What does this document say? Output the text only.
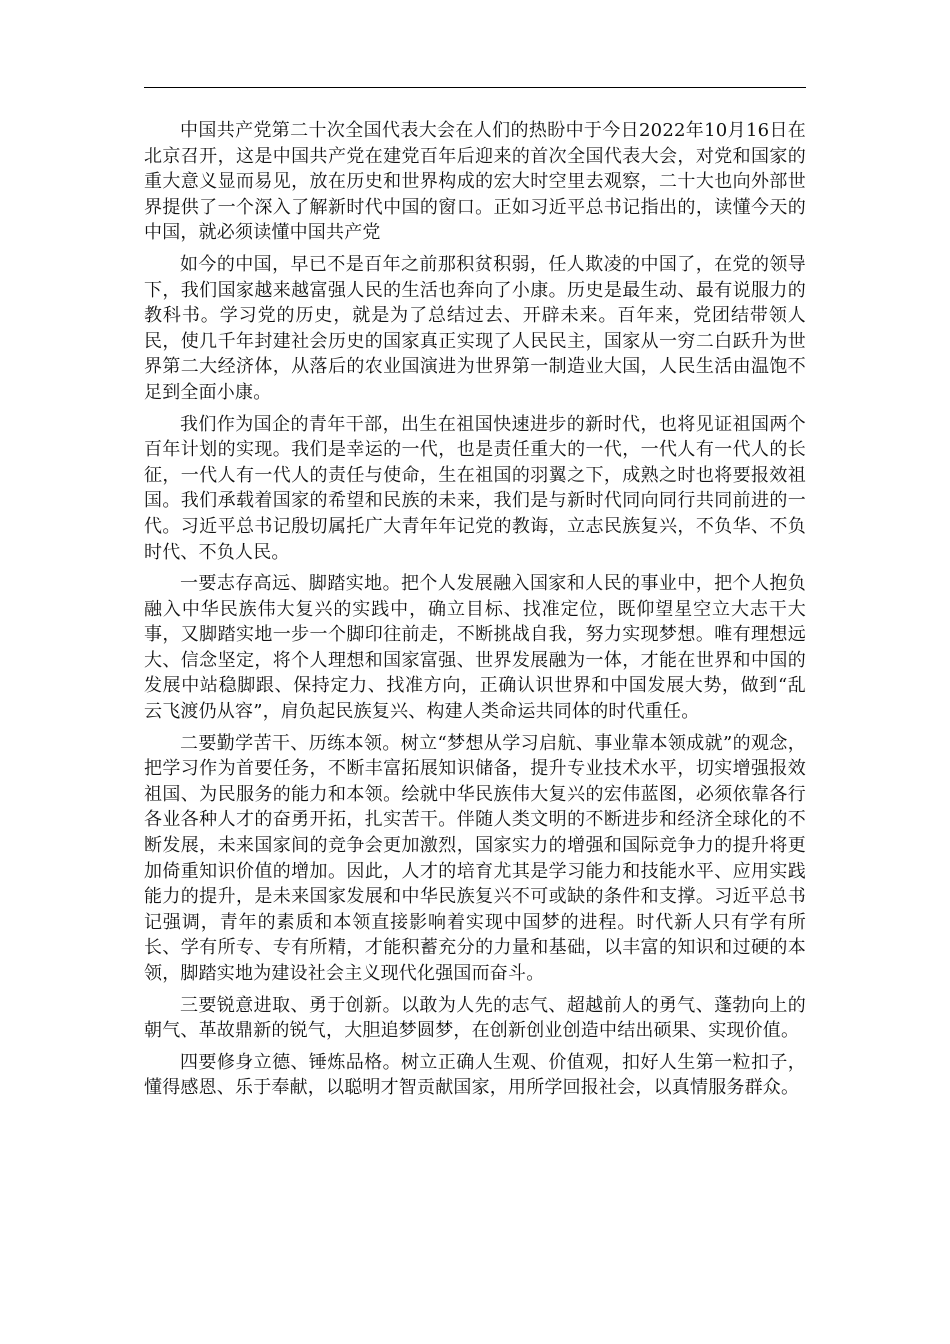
中国共产党第二十次全国代表大会在人们的热盼中于今日2022年10月16日在北京召开，这是中国共产党在建党百年后迎来的首次全国代表大会，对党和国家的重大意义显而易见，放在历史和世界构成的宏大时空里去观察，二十大也向外部世界提供了一个深入了解新时代中国的窗口。正如习近平总书记指出的，读懂今天的中国，就必须读懂中国共产党

如今的中国，早已不是百年之前那积贫积弱，任人欺凌的中国了，在党的领导下，我们国家越来越富强人民的生活也奔向了小康。历史是最生动、最有说服力的教科书。学习党的历史，就是为了总结过去、开辟未来。百年来，党团结带领人民，使几千年封建社会历史的国家真正实现了人民民主，国家从一穷二白跃升为世界第二大经济体，从落后的农业国演进为世界第一制造业大国，人民生活由温饱不足到全面小康。

我们作为国企的青年干部，出生在祖国快速进步的新时代，也将见证祖国两个百年计划的实现。我们是幸运的一代，也是责任重大的一代，一代人有一代人的长征，一代人有一代人的责任与使命，生在祖国的羽翼之下，成熟之时也将要报效祖国。我们承载着国家的希望和民族的未来，我们是与新时代同向同行共同前进的一代。习近平总书记殷切属托广大青年年记党的教诲，立志民族复兴，不负华、不负时代、不负人民。

一要志存高远、脚踏实地。把个人发展融入国家和人民的事业中，把个人抱负融入中华民族伟大复兴的实践中，确立目标、找准定位，既仰望星空立大志干大事，又脚踏实地一步一个脚印往前走，不断挑战自我，努力实现梦想。唯有理想远大、信念坚定，将个人理想和国家富强、世界发展融为一体，才能在世界和中国的发展中站稳脚跟、保持定力、找准方向，正确认识世界和中国发展大势，做到“乱云飞渡仍从容”，肩负起民族复兴、构建人类命运共同体的时代重任。

二要勤学苦干、历练本领。树立“梦想从学习启航、事业靠本领成就”的观念，把学习作为首要任务，不断丰富拓展知识储备，提升专业技术水平，切实增强报效祖国、为民服务的能力和本领。绘就中华民族伟大复兴的宏伟蓝图，必须依靠各行各业各种人才的奋勇开拓，扎实苦干。伴随人类文明的不断进步和经济全球化的不断发展，未来国家间的竞争会更加激烈，国家实力的增强和国际竞争力的提升将更加倚重知识价值的增加。因此，人才的培育尤其是学习能力和技能水平、应用实践能力的提升，是未来国家发展和中华民族复兴不可或缺的条件和支撑。习近平总书记强调，青年的素质和本领直接影响着实现中国梦的进程。时代新人只有学有所长、学有所专、专有所精，才能积蓄充分的力量和基础，以丰富的知识和过硬的本领，脚踏实地为建设社会主义现代化强国而奋斗。

三要锐意进取、勇于创新。以敢为人先的志气、超越前人的勇气、蓬勃向上的朝气、革故鼎新的锐气，大胆追梦圆梦，在创新创业创造中结出硕果、实现价值。

四要修身立德、锤炼品格。树立正确人生观、价值观，扣好人生第一粒扣子，懂得感恩、乐于奉献，以聪明才智贡献国家，用所学回报社会，以真情服务群众。
